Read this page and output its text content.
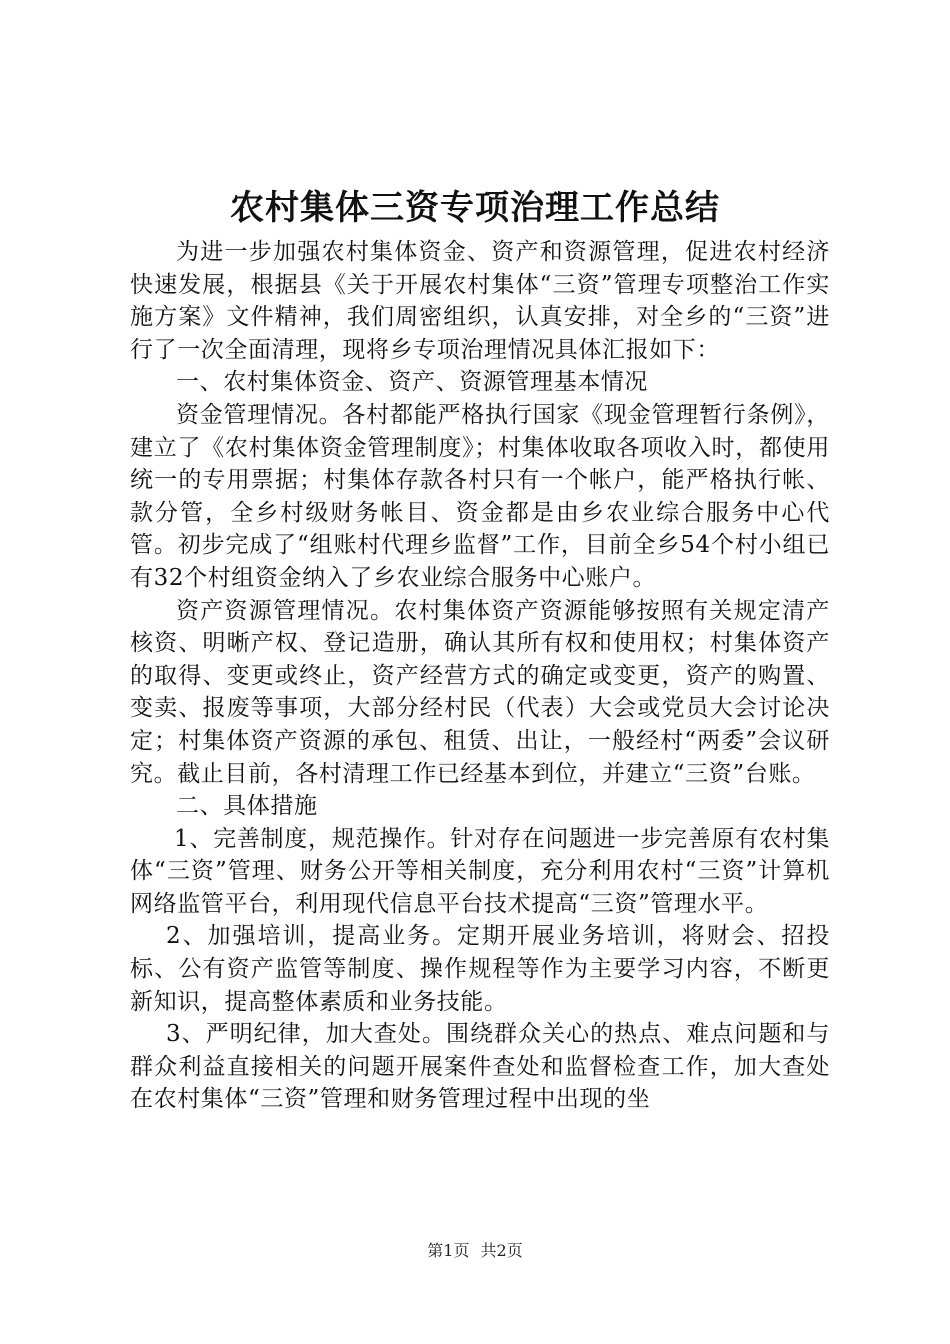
农村集体三资专项治理工作总结

为进一步加强农村集体资金、资产和资源管理，促进农村经济快速发展，根据县《关于开展农村集体“三资”管理专项整治工作实施方案》文件精神，我们周密组织，认真安排，对全乡的“三资”进行了一次全面清理，现将乡专项治理情况具体汇报如下：

一、农村集体资金、资产、资源管理基本情况

资金管理情况。各村都能严格执行国家《现金管理暂行条例》，建立了《农村集体资金管理制度》；村集体收取各项收入时，都使用统一的专用票据；村集体存款各村只有一个帐户，能严格执行帐、款分管，全乡村级财务帐目、资金都是由乡农业综合服务中心代管。初步完成了“组账村代理乡监督”工作，目前全乡54个村小组已有32个村组资金纳入了乡农业综合服务中心账户。

资产资源管理情况。农村集体资产资源能够按照有关规定清产核资、明晰产权、登记造册，确认其所有权和使用权；村集体资产的取得、变更或终止，资产经营方式的确定或变更，资产的购置、变卖、报废等事项，大部分经村民（代表）大会或党员大会讨论决定；村集体资产资源的承包、租赁、出让，一般经村“两委”会议研究。截止目前，各村清理工作已经基本到位，并建立“三资”台账。

二、具体措施

1、完善制度，规范操作。针对存在问题进一步完善原有农村集体“三资”管理、财务公开等相关制度，充分利用农村“三资”计算机网络监管平台，利用现代信息平台技术提高“三资”管理水平。

2、加强培训，提高业务。定期开展业务培训，将财会、招投标、公有资产监管等制度、操作规程等作为主要学习内容，不断更新知识，提高整体素质和业务技能。

3、严明纪律，加大查处。围绕群众关心的热点、难点问题和与群众利益直接相关的问题开展案件查处和监督检查工作，加大查处在农村集体“三资”管理和财务管理过程中出现的坐

第1页 共2页
